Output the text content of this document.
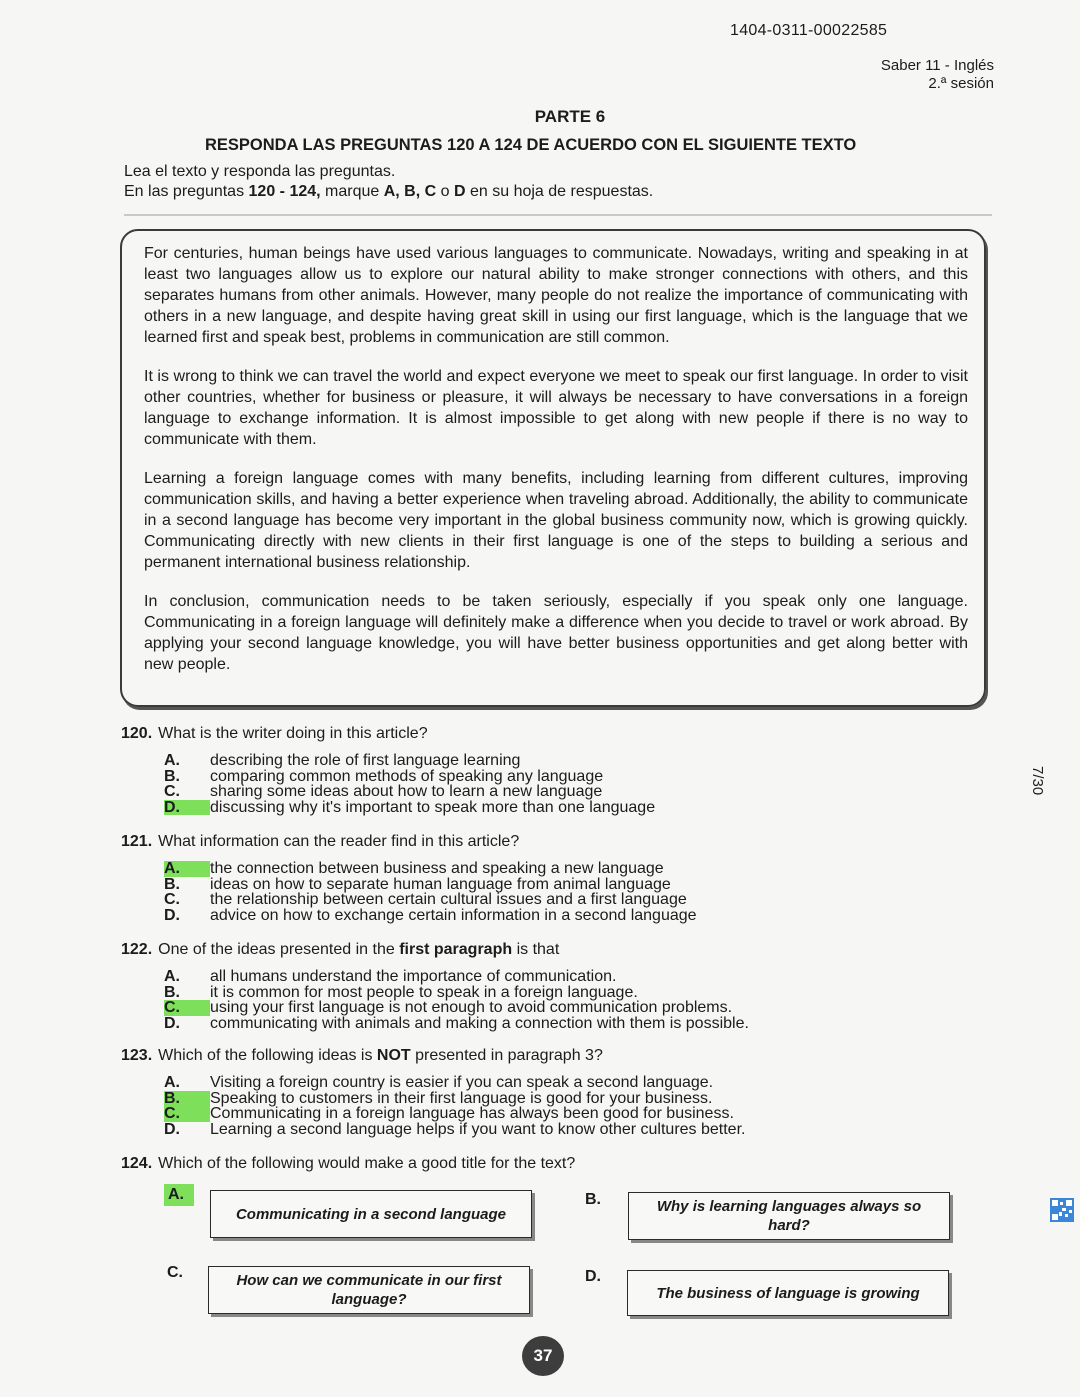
1404-0311-00022585
Saber 11 - Inglés
2.ª sesión
PARTE 6
RESPONDA LAS PREGUNTAS 120 A 124 DE ACUERDO CON EL SIGUIENTE TEXTO
Lea el texto y responda las preguntas.
En las preguntas 120 - 124, marque A, B, C o D en su hoja de respuestas.

For centuries, human beings have used various languages to communicate. Nowadays, writing and speaking in at least two languages allow us to explore our natural ability to make stronger connections with others, and this separates humans from other animals. However, many people do not realize the importance of communicating with others in a new language, and despite having great skill in using our first language, which is the language that we learned first and speak best, problems in communication are still common.

It is wrong to think we can travel the world and expect everyone we meet to speak our first language. In order to visit other countries, whether for business or pleasure, it will always be necessary to have conversations in a foreign language to exchange information. It is almost impossible to get along with new people if there is no way to communicate with them.

Learning a foreign language comes with many benefits, including learning from different cultures, improving communication skills, and having a better experience when traveling abroad. Additionally, the ability to communicate in a second language has become very important in the global business community now, which is growing quickly. Communicating directly with new clients in their first language is one of the steps to building a serious and permanent international business relationship.

In conclusion, communication needs to be taken seriously, especially if you speak only one language. Communicating in a foreign language will definitely make a difference when you decide to travel or work abroad. By applying your second language knowledge, you will have better business opportunities and get along better with new people.

120. What is the writer doing in this article?
A.	describing the role of first language learning
B.	comparing common methods of speaking any language
C.	sharing some ideas about how to learn a new language
D.	discussing why it's important to speak more than one language
121. What information can the reader find in this article?
A.	the connection between business and speaking a new language
B.	ideas on how to separate human language from animal language
C.	the relationship between certain cultural issues and a first language
D.	advice on how to exchange certain information in a second language
122. One of the ideas presented in the first paragraph is that
A.	all humans understand the importance of communication.
B.	it is common for most people to speak in a foreign language.
C.	using your first language is not enough to avoid communication problems.
D.	communicating with animals and making a connection with them is possible.
123. Which of the following ideas is NOT presented in paragraph 3?
A.	Visiting a foreign country is easier if you can speak a second language.
B.	Speaking to customers in their first language is good for your business.
C.	Communicating in a foreign language has always been good for business.
D.	Learning a second language helps if you want to know other cultures better.
124. Which of the following would make a good title for the text?
A.
Communicating in a second language
B.	Why is learning languages always so hard?
C.	How can we communicate in our first language?
D.
The business of language is growing
37
7/30
